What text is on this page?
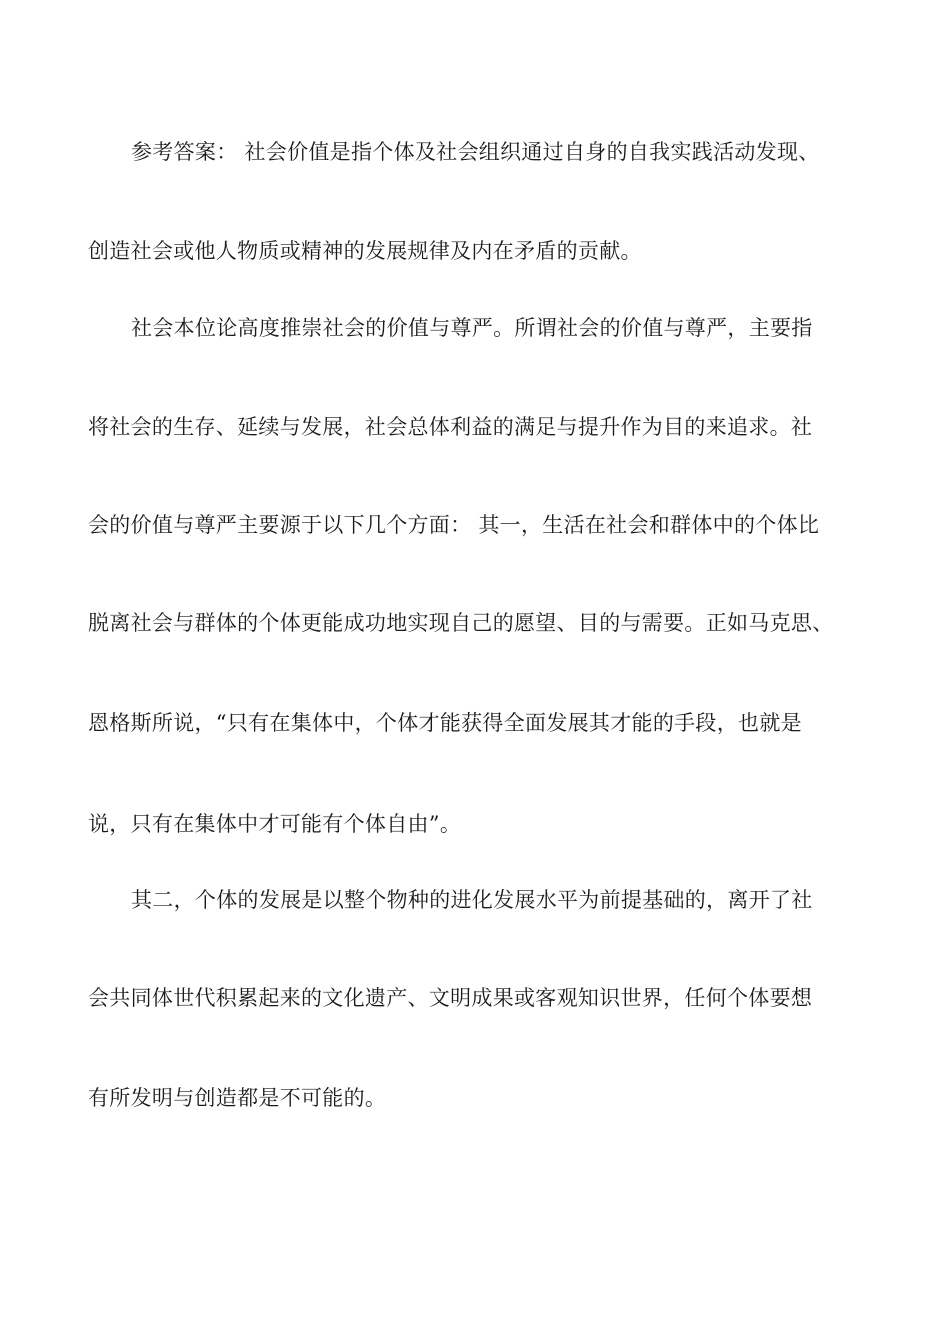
参考答案： 社会价值是指个体及社会组织通过自身的自我实践活动发现、
创造社会或他人物质或精神的发展规律及内在矛盾的贡献。
社会本位论高度推崇社会的价值与尊严。所谓社会的价值与尊严，主要指
将社会的生存、延续与发展，社会总体利益的满足与提升作为目的来追求。社
会的价值与尊严主要源于以下几个方面： 其一，生活在社会和群体中的个体比
脱离社会与群体的个体更能成功地实现自己的愿望、目的与需要。正如马克思、
恩格斯所说，“只有在集体中，个体才能获得全面发展其才能的手段，也就是
说，只有在集体中才可能有个体自由”。
其二，个体的发展是以整个物种的进化发展水平为前提基础的，离开了社
会共同体世代积累起来的文化遗产、文明成果或客观知识世界，任何个体要想
有所发明与创造都是不可能的。
